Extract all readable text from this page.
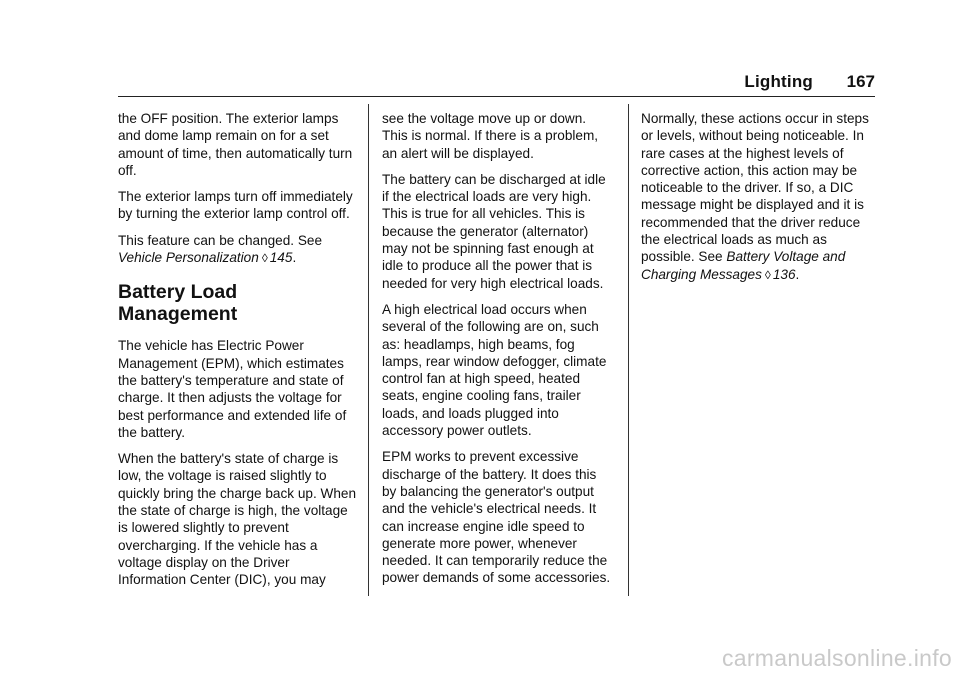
Lighting 167

the OFF position. The exterior lamps and dome lamp remain on for a set amount of time, then automatically turn off.

The exterior lamps turn off immediately by turning the exterior lamp control off.

This feature can be changed. See Vehicle Personalization ◊ 145.

Battery Load Management

The vehicle has Electric Power Management (EPM), which estimates the battery's temperature and state of charge. It then adjusts the voltage for best performance and extended life of the battery.

When the battery's state of charge is low, the voltage is raised slightly to quickly bring the charge back up. When the state of charge is high, the voltage is lowered slightly to prevent overcharging. If the vehicle has a voltage display on the Driver Information Center (DIC), you may

see the voltage move up or down. This is normal. If there is a problem, an alert will be displayed.

The battery can be discharged at idle if the electrical loads are very high. This is true for all vehicles. This is because the generator (alternator) may not be spinning fast enough at idle to produce all the power that is needed for very high electrical loads.

A high electrical load occurs when several of the following are on, such as: headlamps, high beams, fog lamps, rear window defogger, climate control fan at high speed, heated seats, engine cooling fans, trailer loads, and loads plugged into accessory power outlets.

EPM works to prevent excessive discharge of the battery. It does this by balancing the generator's output and the vehicle's electrical needs. It can increase engine idle speed to generate more power, whenever needed. It can temporarily reduce the power demands of some accessories.

Normally, these actions occur in steps or levels, without being noticeable. In rare cases at the highest levels of corrective action, this action may be noticeable to the driver. If so, a DIC message might be displayed and it is recommended that the driver reduce the electrical loads as much as possible. See Battery Voltage and Charging Messages ◊ 136.

carmanualsonline.info
